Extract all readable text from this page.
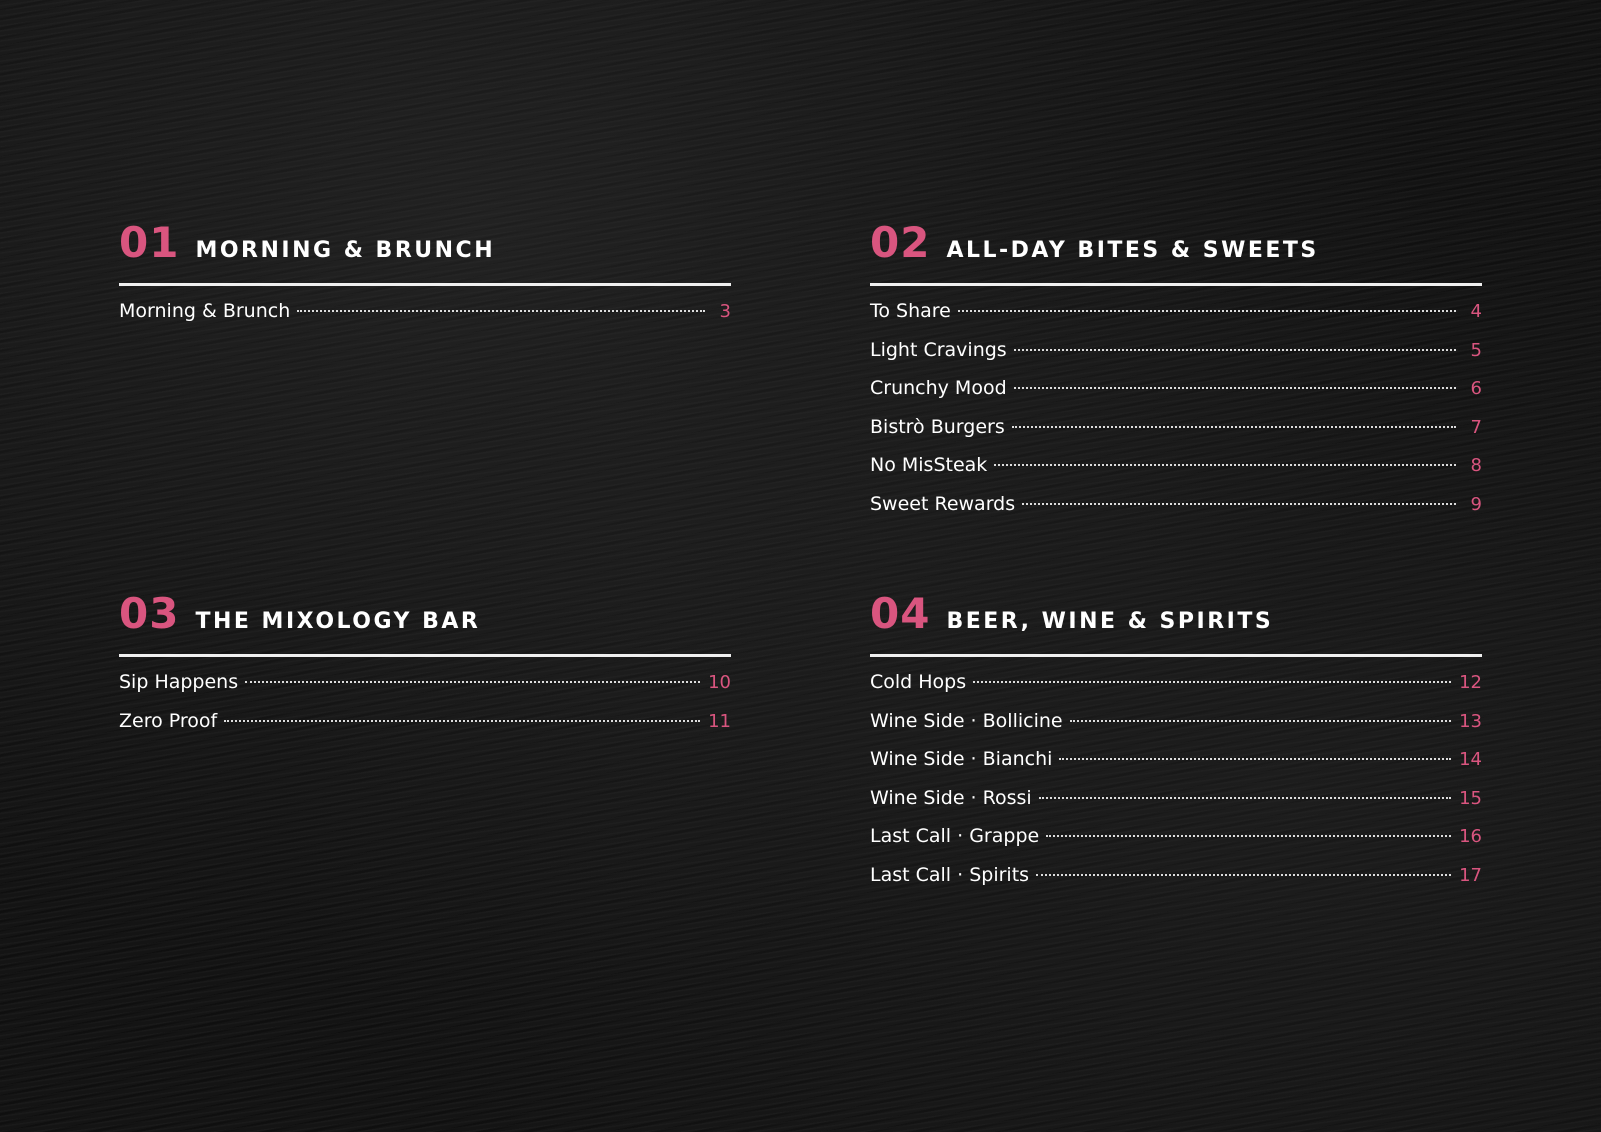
01 MORNING & BRUNCH
Morning & Brunch	3
02 ALL-DAY BITES & SWEETS
To Share	4
Light Cravings	5
Crunchy Mood	6
Bistrò Burgers	7
No MisSteak	8
Sweet Rewards	9
03 THE MIXOLOGY BAR
Sip Happens	10
Zero Proof	11
04 BEER, WINE & SPIRITS
Cold Hops	12
Wine Side · Bollicine	13
Wine Side · Bianchi	14
Wine Side · Rossi	15
Last Call · Grappe	16
Last Call · Spirits	17
